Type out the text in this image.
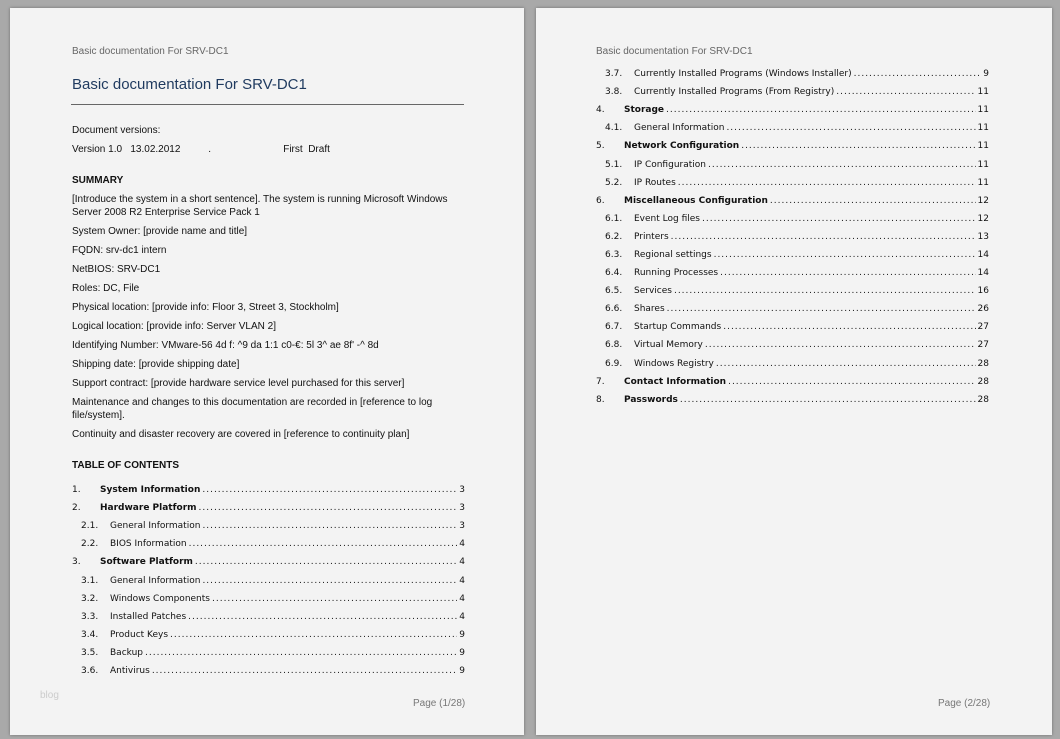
Basic documentation For SRV-DC1
Basic documentation For SRV-DC1

Document versions:

Version 1.0   13.02.2012          .                          First  Draft

SUMMARY

[Introduce the system in a short sentence]. The system is running Microsoft Windows Server 2008 R2 Enterprise Service Pack 1

System Owner: [provide name and title]

FQDN: srv-dc1 intern

NetBIOS: SRV-DC1

Roles: DC, File

Physical location: [provide info: Floor 3, Street 3, Stockholm]

Logical location: [provide info: Server VLAN 2]

Identifying Number: VMware-56 4d f: ^9 da 1:1 c0-€: 5l 3^ ae 8f' -^ 8d

Shipping date: [provide shipping date]

Support contract: [provide hardware service level purchased for this server]

Maintenance and changes to this documentation are recorded in [reference to log file/system].

Continuity and disaster recovery are covered in [reference to continuity plan]

TABLE OF CONTENTS

1.	System Information .....	3
2.	Hardware Platform .....	3
2.1.	General Information .....	3
2.2.	BIOS Information .....	4
3.	Software Platform .....	4
3.1.	General Information .....	4
3.2.	Windows Components .....	4
3.3.	Installed Patches .....	4
3.4.	Product Keys .....	9
3.5.	Backup .....	9
3.6.	Antivirus .....	9
blog
Page (1/28)
Basic documentation For SRV-DC1
3.7.	Currently Installed Programs (Windows Installer) .....	9
3.8.	Currently Installed Programs (From Registry) .....	11
4.	Storage .....	11
4.1.	General Information .....	11
5.	Network Configuration .....	11
5.1.	IP Configuration .....	11
5.2.	IP Routes .....	11
6.	Miscellaneous Configuration .....	12
6.1.	Event Log files .....	12
6.2.	Printers .....	13
6.3.	Regional settings .....	14
6.4.	Running Processes .....	14
6.5.	Services .....	16
6.6.	Shares .....	26
6.7.	Startup Commands .....	27
6.8.	Virtual Memory .....	27
6.9.	Windows Registry .....	28
7.	Contact Information .....	28
8.	Passwords .....	28
Page (2/28)
